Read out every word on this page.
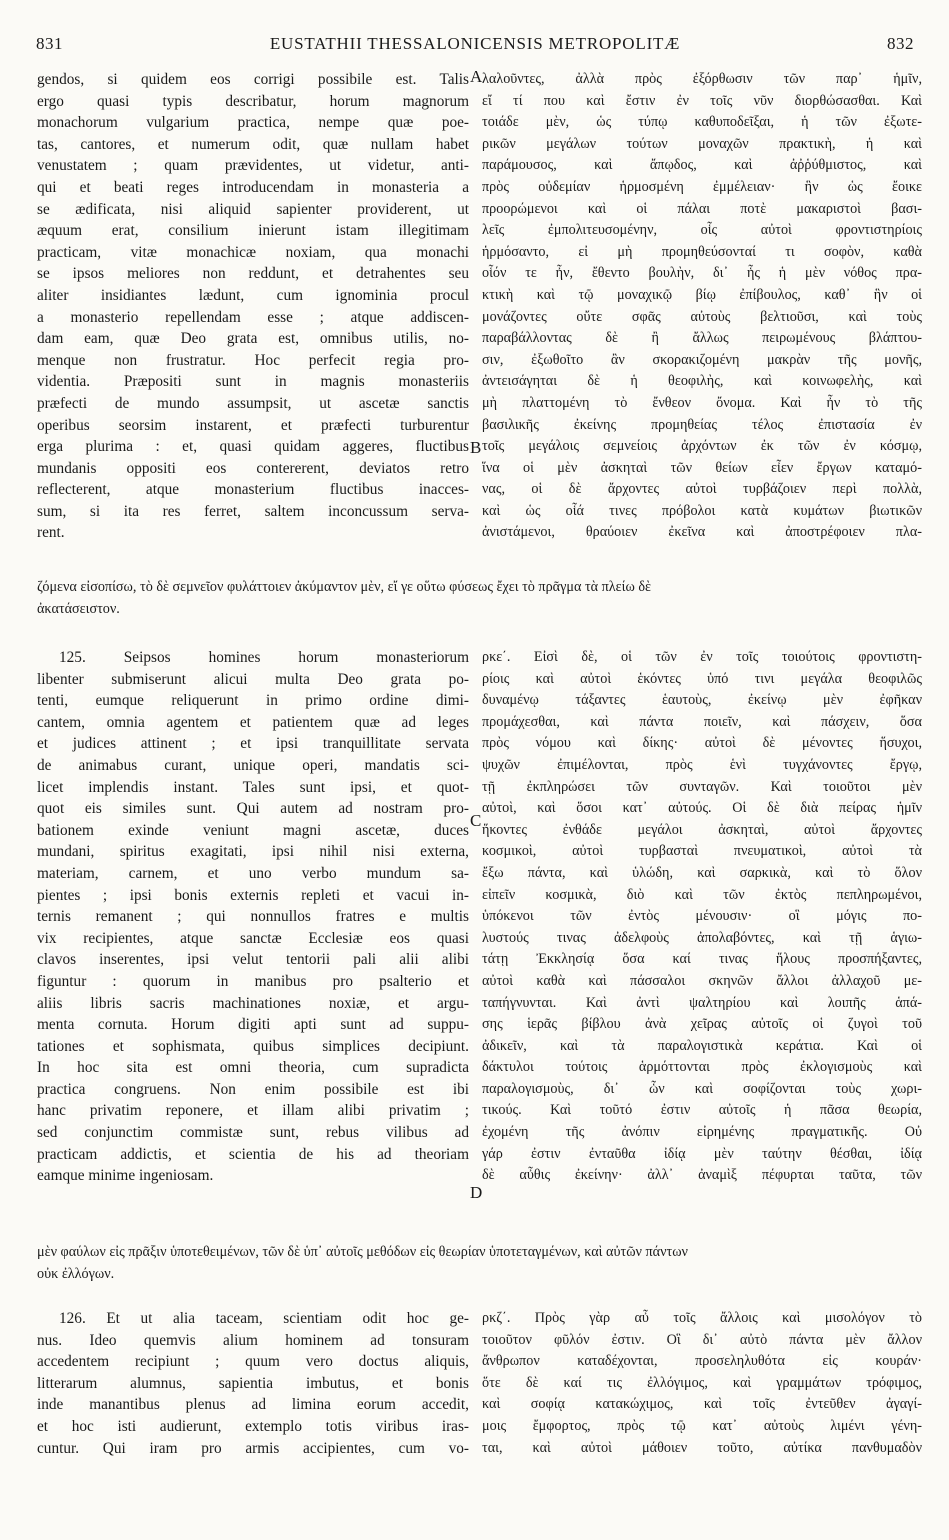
831	EUSTATHII THESSALONICENSIS METROPOLITÆ	832
gendos, si quidem eos corrigi possibile est. Talis
ergo quasi typis describatur, horum magnorum
monachorum vulgarium practica, nempe quæ poe-
tas, cantores, et numerum odit, quæ nullam habet
venustatem ; quam prævidentes, ut videtur, anti-
qui et beati reges introducendam in monasteria a
se ædificata, nisi aliquid sapienter providerent, ut
æquum erat, consilium inierunt istam illegitimam
practicam, vitæ monachicæ noxiam, qua monachi
se ipsos meliores non reddunt, et detrahentes seu
aliter insidiantes lædunt, cum ignominia procul
a monasterio repellendam esse ; atque addiscen-
dam eam, quæ Deo grata est, omnibus utilis, no-
menque non frustratur. Hoc perfecit regia pro-
videntia. Præpositi sunt in magnis monasteriis
præfecti de mundo assumpsit, ut ascetæ sanctis
operibus seorsim instarent, et præfecti turburentur
erga plurima : et, quasi quidam aggeres, fluctibus
mundanis oppositi eos contererent, deviatos retro
reflecterent, atque monasterium fluctibus inacces-
sum, si ita res ferret, saltem inconcussum serva-
rent.
λαλοῦντες, ἀλλὰ πρὸς ἐξόρθωσιν τῶν παρ᾽ ἡμῖν,
εἴ τί που καὶ ἔστιν ἐν τοῖς νῦν διορθώσασθαι. Καὶ
τοιάδε μὲν, ὡς τύπῳ καθυποδεῖξαι, ἡ τῶν ἐξωτε-
ρικῶν μεγάλων τούτων μοναχῶν πρακτικὴ, ἡ καὶ
παράμουσος, καὶ ἄπῳδος, καὶ ἀῤῥύθμιστος, καὶ
πρὸς οὐδεμίαν ἡρμοσμένη ἐμμέλειαν· ἣν ὡς ἔοικε
προορώμενοι καὶ οἱ πάλαι ποτὲ μακαριστοὶ βασι-
λεῖς ἐμπολιτευσομένην, οἷς αὐτοὶ φροντιστηρίοις
ἡρμόσαντο, εἰ μὴ προμηθεύσονταί τι σοφὸν, καθὰ
οἷόν τε ἦν, ἔθεντο βουλὴν, δι᾽ ἧς ἡ μὲν νόθος πρα-
κτικὴ καὶ τῷ μοναχικῷ βίῳ ἐπίβουλος, καθ᾽ ἣν οἱ
μονάζοντες οὔτε σφᾶς αὐτοὺς βελτιοῦσι, καὶ τοὺς
παραβάλλοντας δὲ ἢ ἄλλως πειρωμένους βλάπτου-
σιν, ἐξωθοῖτο ἂν σκορακιζομένη μακρὰν τῆς μονῆς,
ἀντεισάγηται δὲ ἡ θεοφιλὴς, καὶ κοινωφελὴς, καὶ
μὴ πλαττομένη τὸ ἔνθεον ὄνομα. Καὶ ἦν τὸ τῆς
βασιλικῆς ἐκείνης προμηθείας τέλος ἐπιστασία ἐν
τοῖς μεγάλοις σεμνείοις ἀρχόντων ἐκ τῶν ἐν κόσμῳ,
ἵνα οἱ μὲν ἀσκηταὶ τῶν θείων εἶεν ἔργων καταμό-
νας, οἱ δὲ ἄρχοντες αὐτοὶ τυρβάζοιεν περὶ πολλὰ,
καὶ ὡς οἷά τινες πρόβολοι κατὰ κυμάτων βιωτικῶν
ἀνιστάμενοι, θραύοιεν ἐκεῖνα καὶ ἀποστρέφοιεν πλα-
ζόμενα εἰσοπίσω, τὸ δὲ σεμνεῖον φυλάττοιεν ἀκύμαντον μὲν, εἴ γε οὕτω φύσεως ἔχει τὸ πρᾶγμα τὰ πλείω δὲ
ἀκατάσειστον.
125. Seipsos homines horum monasteriorum
libenter submiserunt alicui multa Deo grata po-
tenti, eumque reliquerunt in primo ordine dimi-
cantem, omnia agentem et patientem quæ ad leges
et judices attinent ; et ipsi tranquillitate servata
de animabus curant, unique operi, mandatis sci-
licet implendis instant. Tales sunt ipsi, et quot-
quot eis similes sunt. Qui autem ad nostram pro-
bationem exinde veniunt magni ascetæ, duces
mundani, spiritus exagitati, ipsi nihil nisi externa,
materiam, carnem, et uno verbo mundum sa-
pientes ; ipsi bonis externis repleti et vacui in-
ternis remanent ; qui nonnullos fratres e multis
vix recipientes, atque sanctæ Ecclesiæ eos quasi
clavos inserentes, ipsi velut tentorii pali alii alibi
figuntur : quorum in manibus pro psalterio et
aliis libris sacris machinationes noxiæ, et argu-
menta cornuta. Horum digiti apti sunt ad suppu-
tationes et sophismata, quibus simplices decipiunt.
In hoc sita est omni theoria, cum supradicta
practica congruens. Non enim possibile est ibi
hanc privatim reponere, et illam alibi privatim ;
sed conjunctim commistæ sunt, rebus vilibus ad
practicam addictis, et scientia de his ad theoriam
eamque minime ingeniosam.
ρκε΄. Εἰσὶ δὲ, οἱ τῶν ἐν τοῖς τοιούτοις φροντιστη-
ρίοις καὶ αὐτοὶ ἑκόντες ὑπό τινι μεγάλα θεοφιλῶς
δυναμένῳ τάξαντες ἑαυτοὺς, ἐκείνῳ μὲν ἐφῆκαν
προμάχεσθαι, καὶ πάντα ποιεῖν, καὶ πάσχειν, ὅσα
πρὸς νόμου καὶ δίκης· αὐτοὶ δὲ μένοντες ἥσυχοι,
ψυχῶν ἐπιμέλονται, πρὸς ἑνὶ τυγχάνοντες ἔργῳ,
τῇ ἐκπληρώσει τῶν συνταγῶν. Καὶ τοιοῦτοι μὲν
αὐτοὶ, καὶ ὅσοι κατ᾽ αὐτούς. Οἱ δὲ διὰ πείρας ἡμῖν
ἥκοντες ἐνθάδε μεγάλοι ἀσκηταὶ, αὐτοὶ ἄρχοντες
κοσμικοὶ, αὐτοὶ τυρβασταὶ πνευματικοὶ, αὐτοὶ τὰ
ἔξω πάντα, καὶ ὑλώδη, καὶ σαρκικὰ, καὶ τὸ ὅλον
εἰπεῖν κοσμικὰ, διὸ καὶ τῶν ἐκτὸς πεπληρωμένοι,
ὑπόκενοι τῶν ἐντὸς μένουσιν· οἳ μόγις πο-
λυστούς τινας ἀδελφοὺς ἀπολαβόντες, καὶ τῇ ἁγιω-
τάτῃ Ἐκκλησίᾳ ὅσα καί τινας ἥλους προσπήξαντες,
αὐτοὶ καθὰ καὶ πάσσαλοι σκηνῶν ἄλλοι ἀλλαχοῦ με-
ταπήγνυνται. Καὶ ἀντὶ ψαλτηρίου καὶ λοιπῆς ἁπά-
σης ἱερᾶς βίβλου ἀνὰ χεῖρας αὐτοῖς οἱ ζυγοὶ τοῦ
ἀδικεῖν, καὶ τὰ παραλογιστικὰ κεράτια. Καὶ οἱ
δάκτυλοι τούτοις ἁρμόττονται πρὸς ἐκλογισμοὺς καὶ
παραλογισμοὺς, δι᾽ ὧν καὶ σοφίζονται τοὺς χωρι-
τικούς. Καὶ τοῦτό ἐστιν αὐτοῖς ἡ πᾶσα θεωρία,
ἐχομένη τῆς ἀνόπιν εἰρημένης πραγματικῆς. Οὐ
γάρ ἐστιν ἐνταῦθα ἰδίᾳ μὲν ταύτην θέσθαι, ἰδίᾳ
δὲ αὖθις ἐκείνην· ἀλλ᾽ ἀναμὶξ πέφυρται ταῦτα, τῶν
μὲν φαύλων εἰς πρᾶξιν ὑποτεθειμένων, τῶν δὲ ὑπ᾽ αὐτοῖς μεθόδων εἰς θεωρίαν ὑποτεταγμένων, καὶ αὐτῶν πάντων
οὐκ ἐλλόγων.
126. Et ut alia taceam, scientiam odit hoc ge-
nus. Ideo quemvis alium hominem ad tonsuram
accedentem recipiunt ; quum vero doctus aliquis,
litterarum alumnus, sapientia imbutus, et bonis
inde manantibus plenus ad limina eorum accedit,
et hoc isti audierunt, extemplo totis viribus iras-
cuntur. Qui iram pro armis accipientes, cum vo-
ρκζ΄. Πρὸς γὰρ αὖ τοῖς ἄλλοις καὶ μισολόγον τὸ
τοιοῦτον φῦλόν ἐστιν. Οἳ δι᾽ αὐτὸ πάντα μὲν ἄλλον
ἄνθρωπον καταδέχονται, προσεληλυθότα εἰς κουράν·
ὅτε δὲ καί τις ἐλλόγιμος, καὶ γραμμάτων τρόφιμος,
καὶ σοφίᾳ κατακώχιμος, καὶ τοῖς ἐντεῦθεν ἀγαγί-
μοις ἔμφορτος, πρὸς τῷ κατ᾽ αὐτοὺς λιμένι γένη-
ται, καὶ αὐτοὶ μάθοιεν τοῦτο, αὐτίκα πανθυμαδὸν
A
B
C
D
